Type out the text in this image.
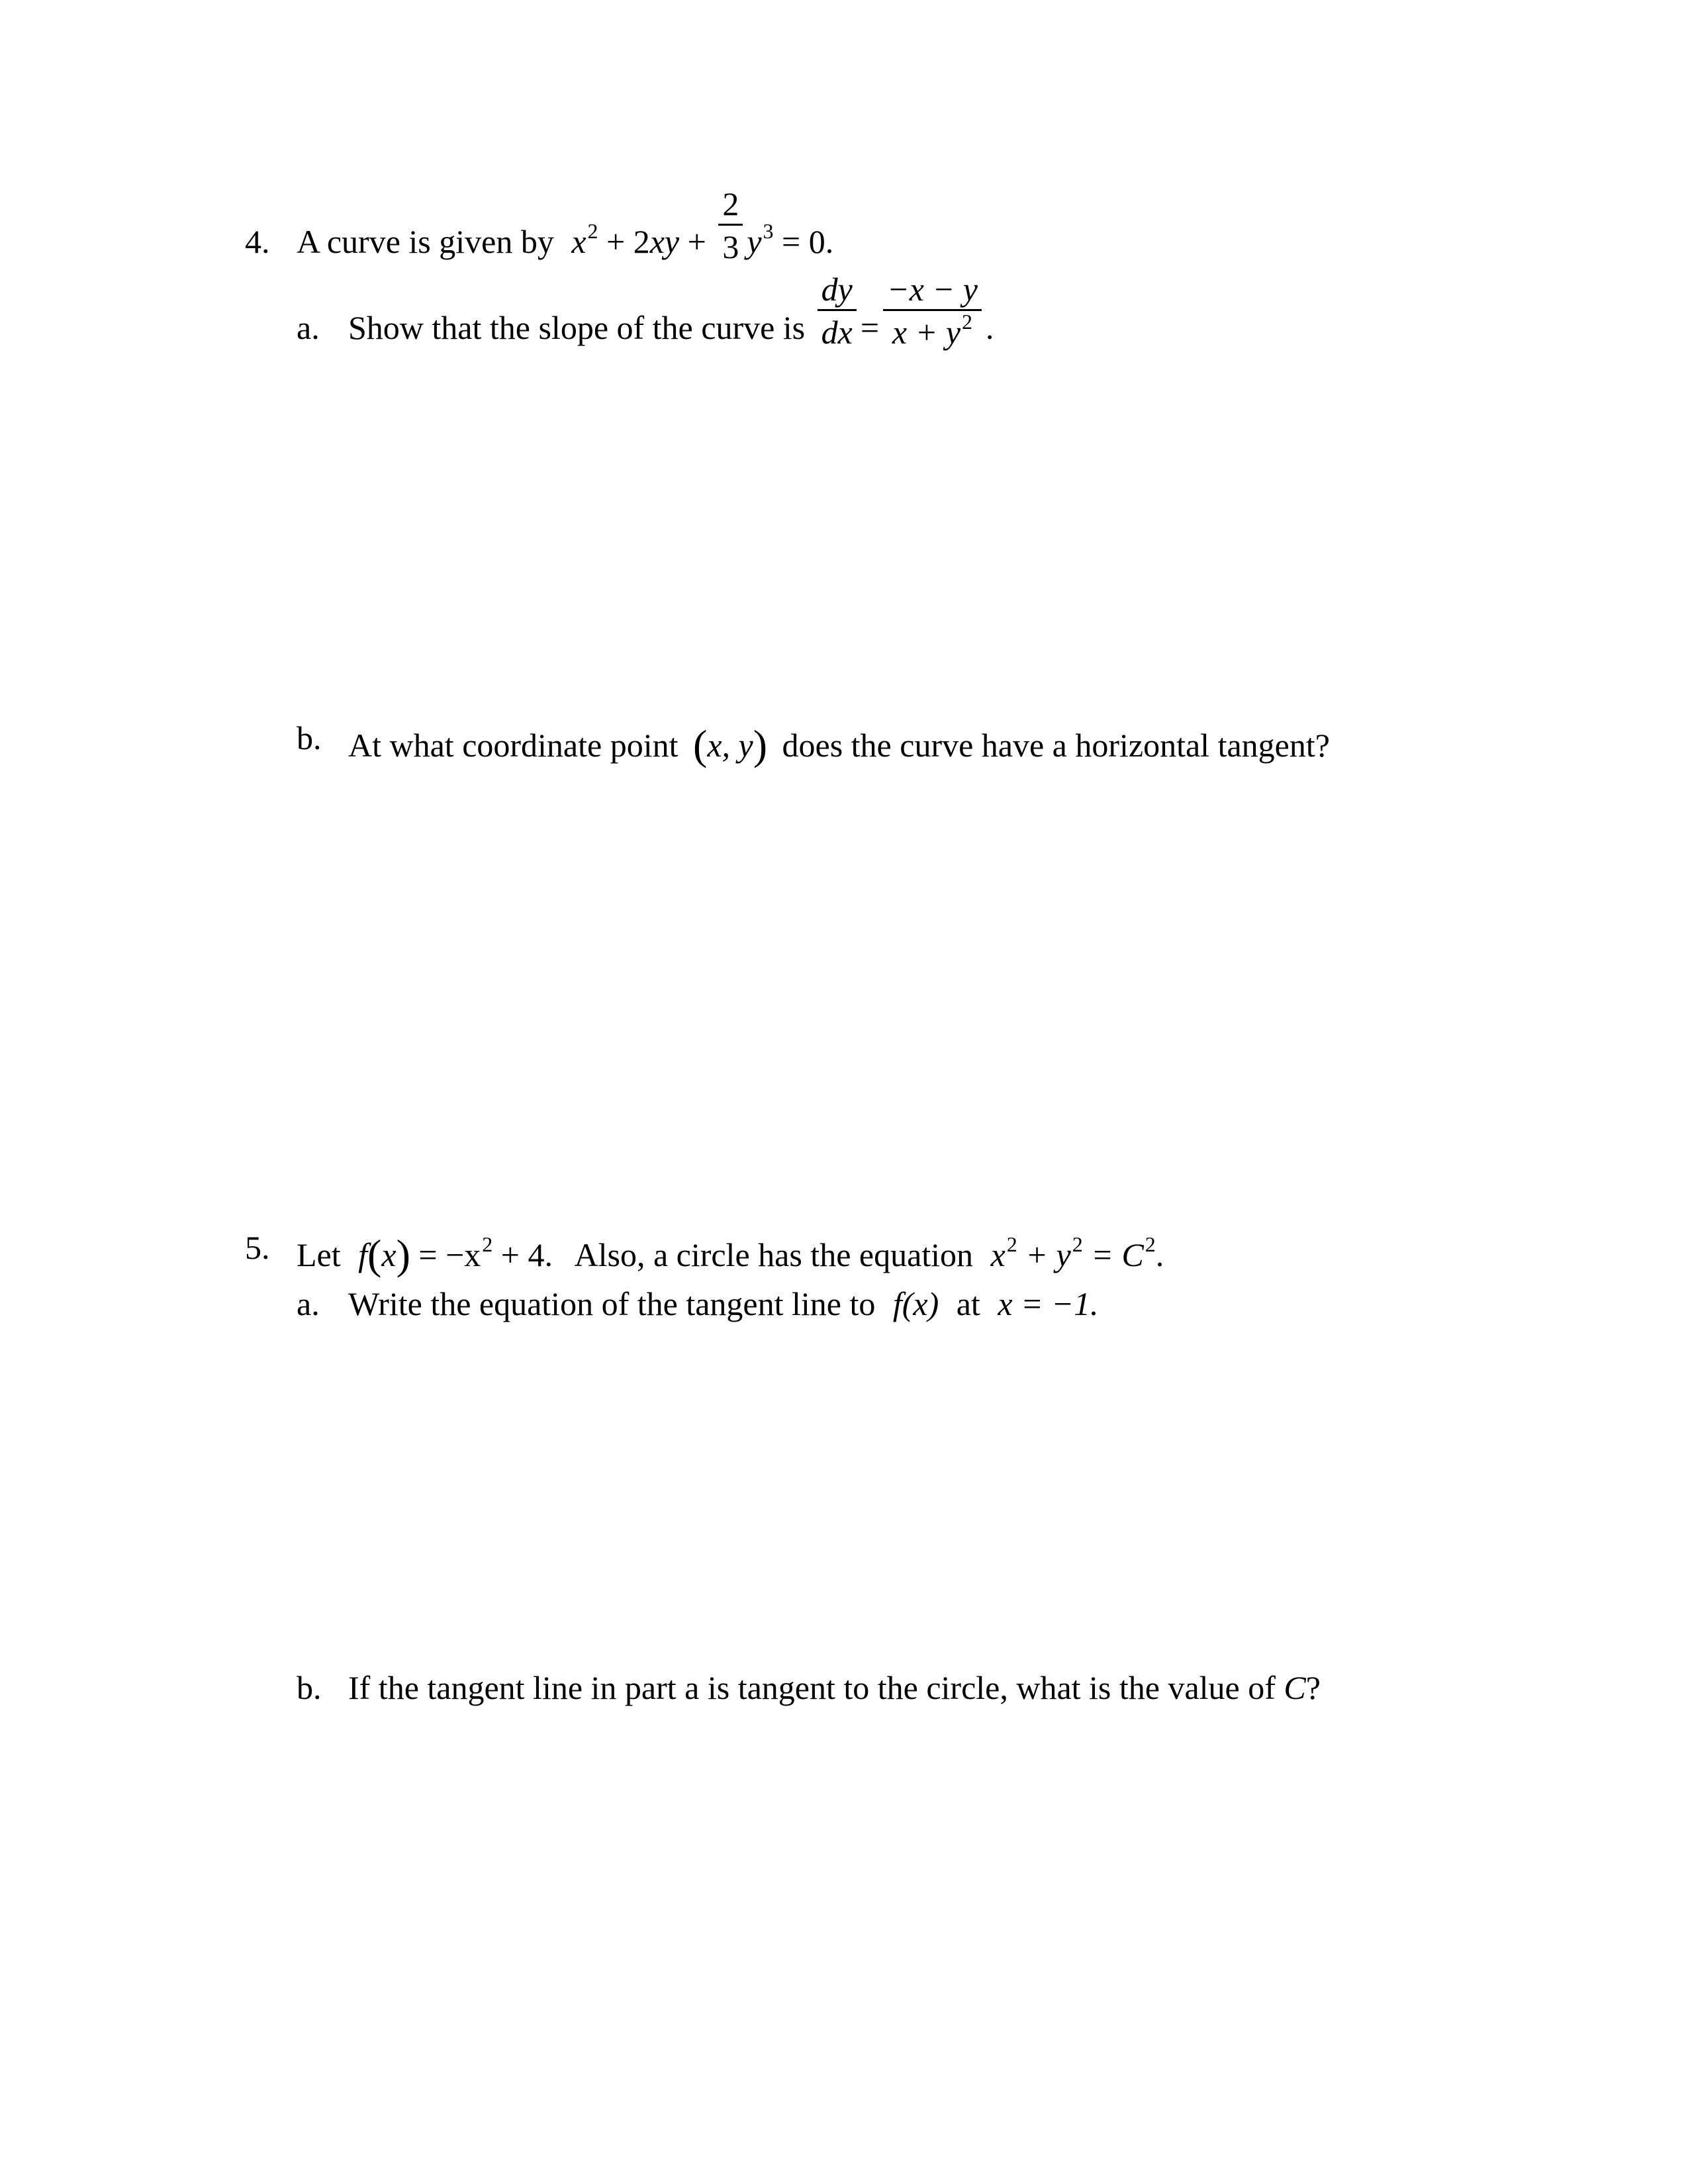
4. A curve is given by $x^2 + 2xy + \frac{2}{3} y^3 = 0$.
a. Show that the slope of the curve is $\frac{dy}{dx} = \frac{-x - y}{x + y^2}$ .
b. At what coordinate point (x, y) does the curve have a horizontal tangent?
5. Let $f(x) = -x^2 + 4$. Also, a circle has the equation $x^2 + y^2 = C^2$.
a. Write the equation of the tangent line to f(x) at x = −1.
b. If the tangent line in part a is tangent to the circle, what is the value of C?
